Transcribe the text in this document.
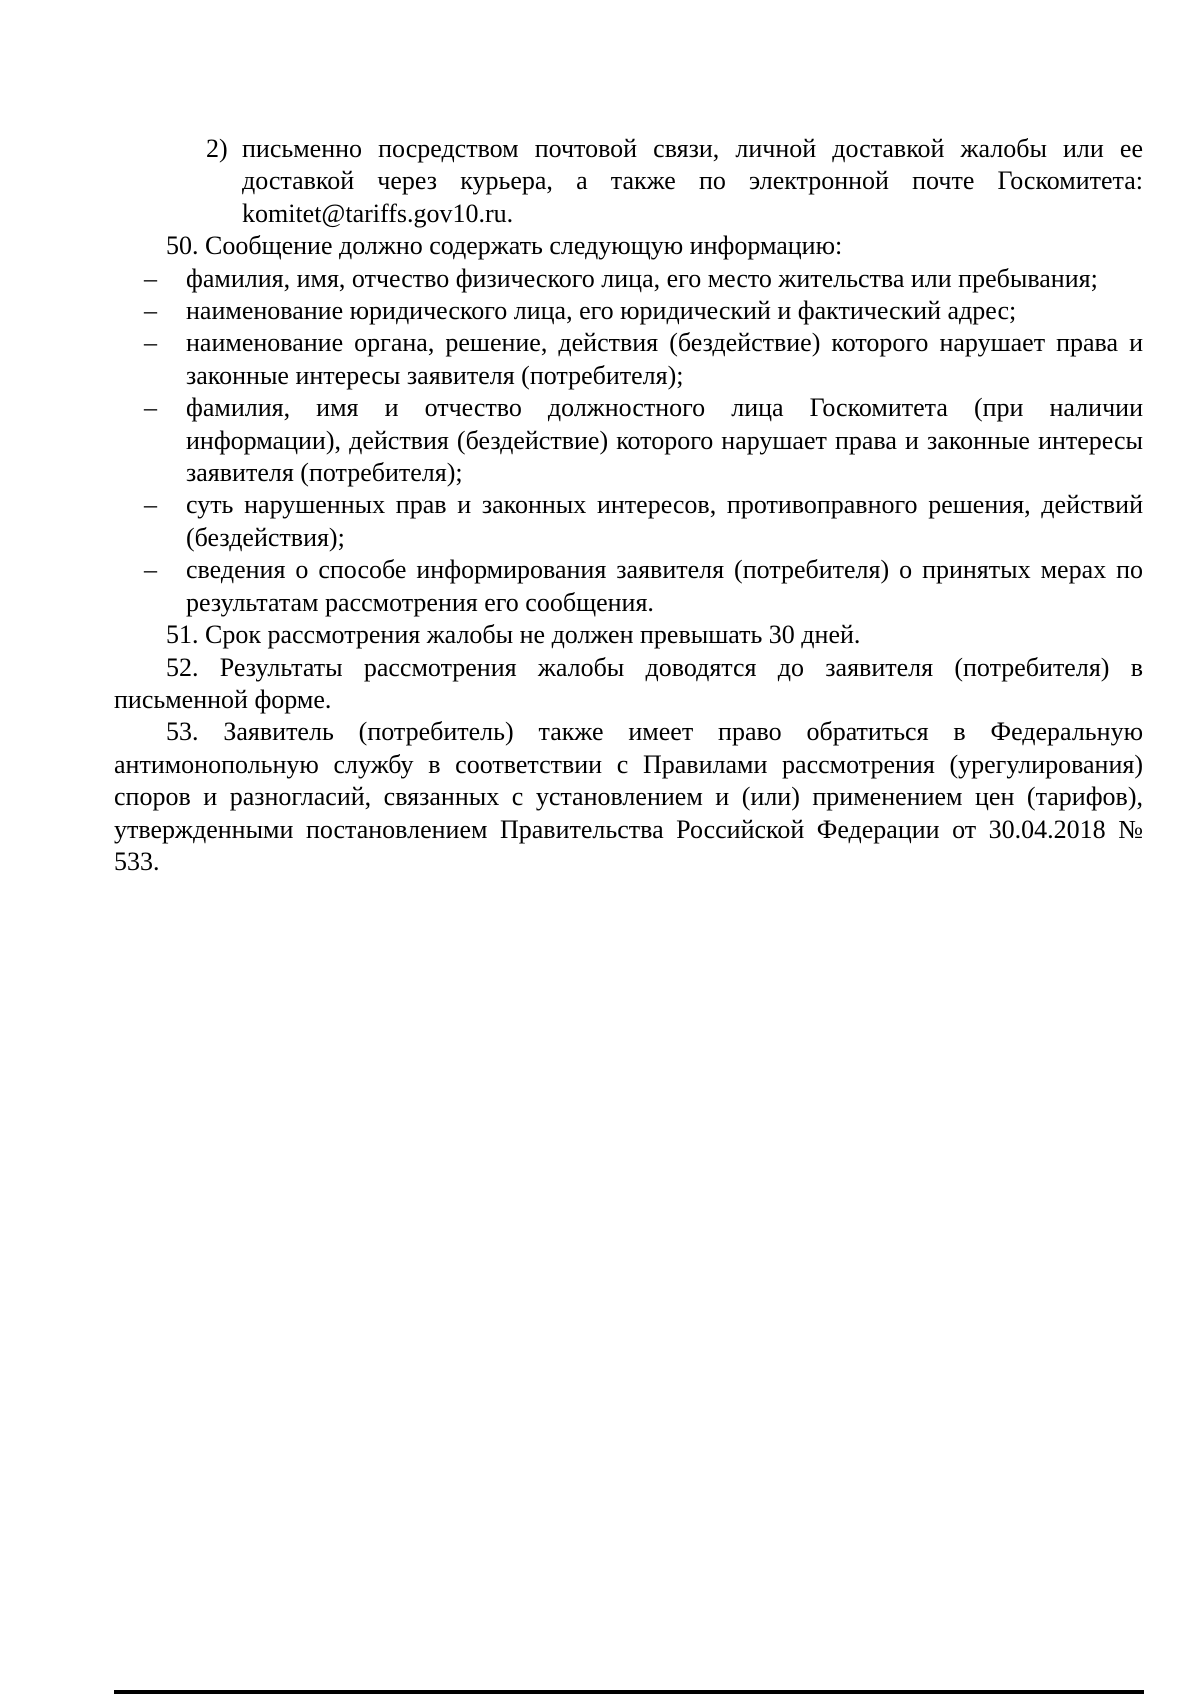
2) письменно посредством почтовой связи, личной доставкой жалобы или ее доставкой через курьера, а также по электронной почте Госкомитета: komitet@tariffs.gov10.ru.

50. Сообщение должно содержать следующую информацию:

–	фамилия, имя, отчество физического лица, его место жительства или пребывания;
–	наименование юридического лица, его юридический и фактический адрес;
–	наименование органа, решение, действия (бездействие) которого нарушает права и законные интересы заявителя (потребителя);
–	фамилия, имя и отчество должностного лица Госкомитета (при наличии информации), действия (бездействие) которого нарушает права и законные интересы заявителя (потребителя);
–	суть нарушенных прав и законных интересов, противоправного решения, действий (бездействия);
–	сведения о способе информирования заявителя (потребителя) о принятых мерах по результатам рассмотрения его сообщения.

51. Срок рассмотрения жалобы не должен превышать 30 дней.

52. Результаты рассмотрения жалобы доводятся до заявителя (потребителя) в письменной форме.

53. Заявитель (потребитель) также имеет право обратиться в Федеральную антимонопольную службу в соответствии с Правилами рассмотрения (урегулирования) споров и разногласий, связанных с установлением и (или) применением цен (тарифов), утвержденными постановлением Правительства Российской Федерации от 30.04.2018 № 533.
